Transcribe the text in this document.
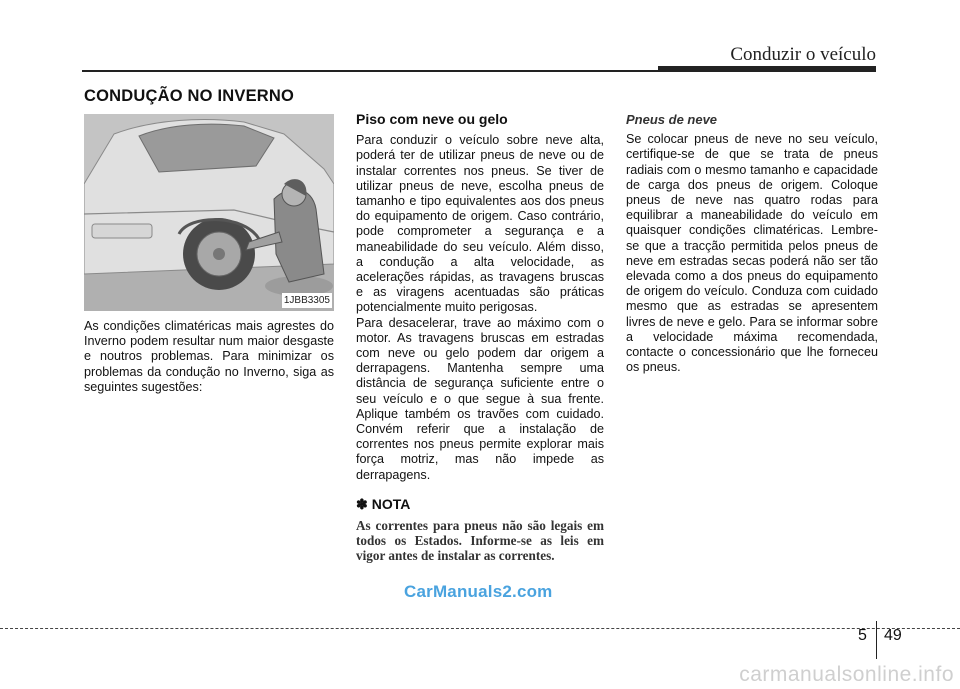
Conduzir o veículo
CONDUÇÃO NO INVERNO
1JBB3305

As condições climatéricas mais agrestes do Inverno podem resultar num maior desgaste e noutros problemas. Para minimizar os problemas da condução no Inverno, siga as seguintes sugestões:

Piso com neve ou gelo

Para conduzir o veículo sobre neve alta, poderá ter de utilizar pneus de neve ou de instalar correntes nos pneus. Se tiver de utilizar pneus de neve, escolha pneus de tamanho e tipo equivalentes aos dos pneus do equipamento de origem. Caso contrário, pode comprometer a segurança e a maneabilidade do seu veículo. Além disso, a condução a alta velocidade, as acelerações rápidas, as travagens bruscas e as viragens acentuadas são práticas potencialmente muito perigosas.

Para desacelerar, trave ao máximo com o motor. As travagens bruscas em estradas com neve ou gelo podem dar origem a derrapagens. Mantenha sempre uma distância de segurança suficiente entre o seu veículo e o que segue à sua frente. Aplique também os travões com cuidado. Convém referir que a instalação de correntes nos pneus permite explorar mais força motriz, mas não impede as derrapagens.

✽ NOTA

As correntes para pneus não são legais em todos os Estados. Informe-se as leis em vigor antes de instalar as correntes.

Pneus de neve

Se colocar pneus de neve no seu veículo, certifique-se de que se trata de pneus radiais com o mesmo tamanho e capacidade de carga dos pneus de origem. Coloque pneus de neve nas quatro rodas para equilibrar a maneabilidade do veículo em quaisquer condições climatéricas. Lembre-se que a tracção permitida pelos pneus de neve em estradas secas poderá não ser tão elevada como a dos pneus do equipamento de origem do veículo. Conduza com cuidado mesmo que as estradas se apresentem livres de neve e gelo. Para se informar sobre a velocidade máxima recomendada, contacte o concessionário que lhe forneceu os pneus.

CarManuals2.com
5 49
carmanualsonline.info
